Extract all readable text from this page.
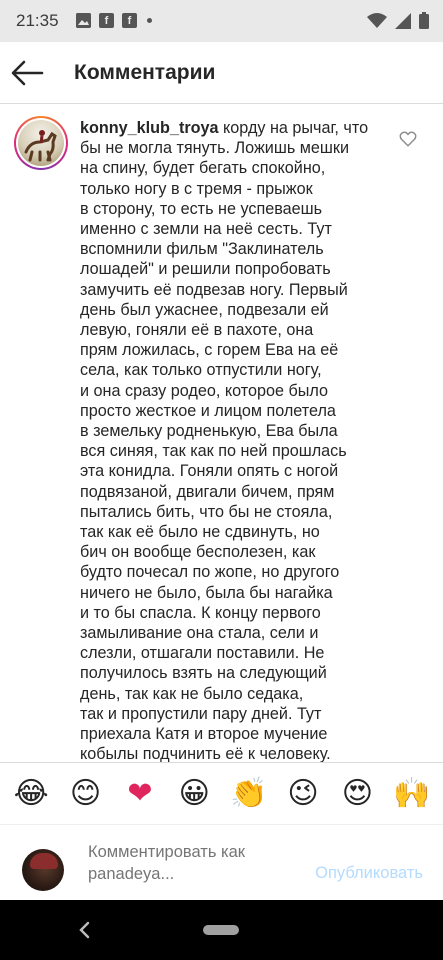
21:35	f	f
Комментарии
konny_klub_troya корду на рычаг, что
бы не могла тянуть. Ложишь мешки
на спину, будет бегать спокойно,
только ногу в с тремя - прыжок
в сторону, то есть не успеваешь
именно с земли на неё сесть. Тут
вспомнили фильм "Заклинатель
лошадей" и решили попробовать
замучить её подвезав ногу. Первый
день был ужаснее, подвезали ей
левую, гоняли её в пахоте, она
прям ложилась, с горем Ева на её
села, как только отпустили ногу,
и она сразу родео, которое было
просто жесткое и лицом полетела
в земельку родненькую, Ева была
вся синяя, так как по ней прошлась
эта конидла. Гоняли опять с ногой
подвязаной, двигали бичем, прям
пытались бить, что бы не стояла,
так как её было не сдвинуть, но
бич он вообще бесполезен, как
будто почесал по жопе, но другого
ничего не было, была бы нагайка
и то бы спасла. К концу первого
замыливание она стала, сели и
слезли, отшагали поставили. Не
получилось взять на следующий
день, так как не было седака,
так и пропустили пару дней. Тут
приехала Катя и второе мучение
кобылы подчинить её к человеку.
😂 😊 ❤ 😀 👏 😉 😍 🙌
Комментировать как panadeya...
Опубликовать
